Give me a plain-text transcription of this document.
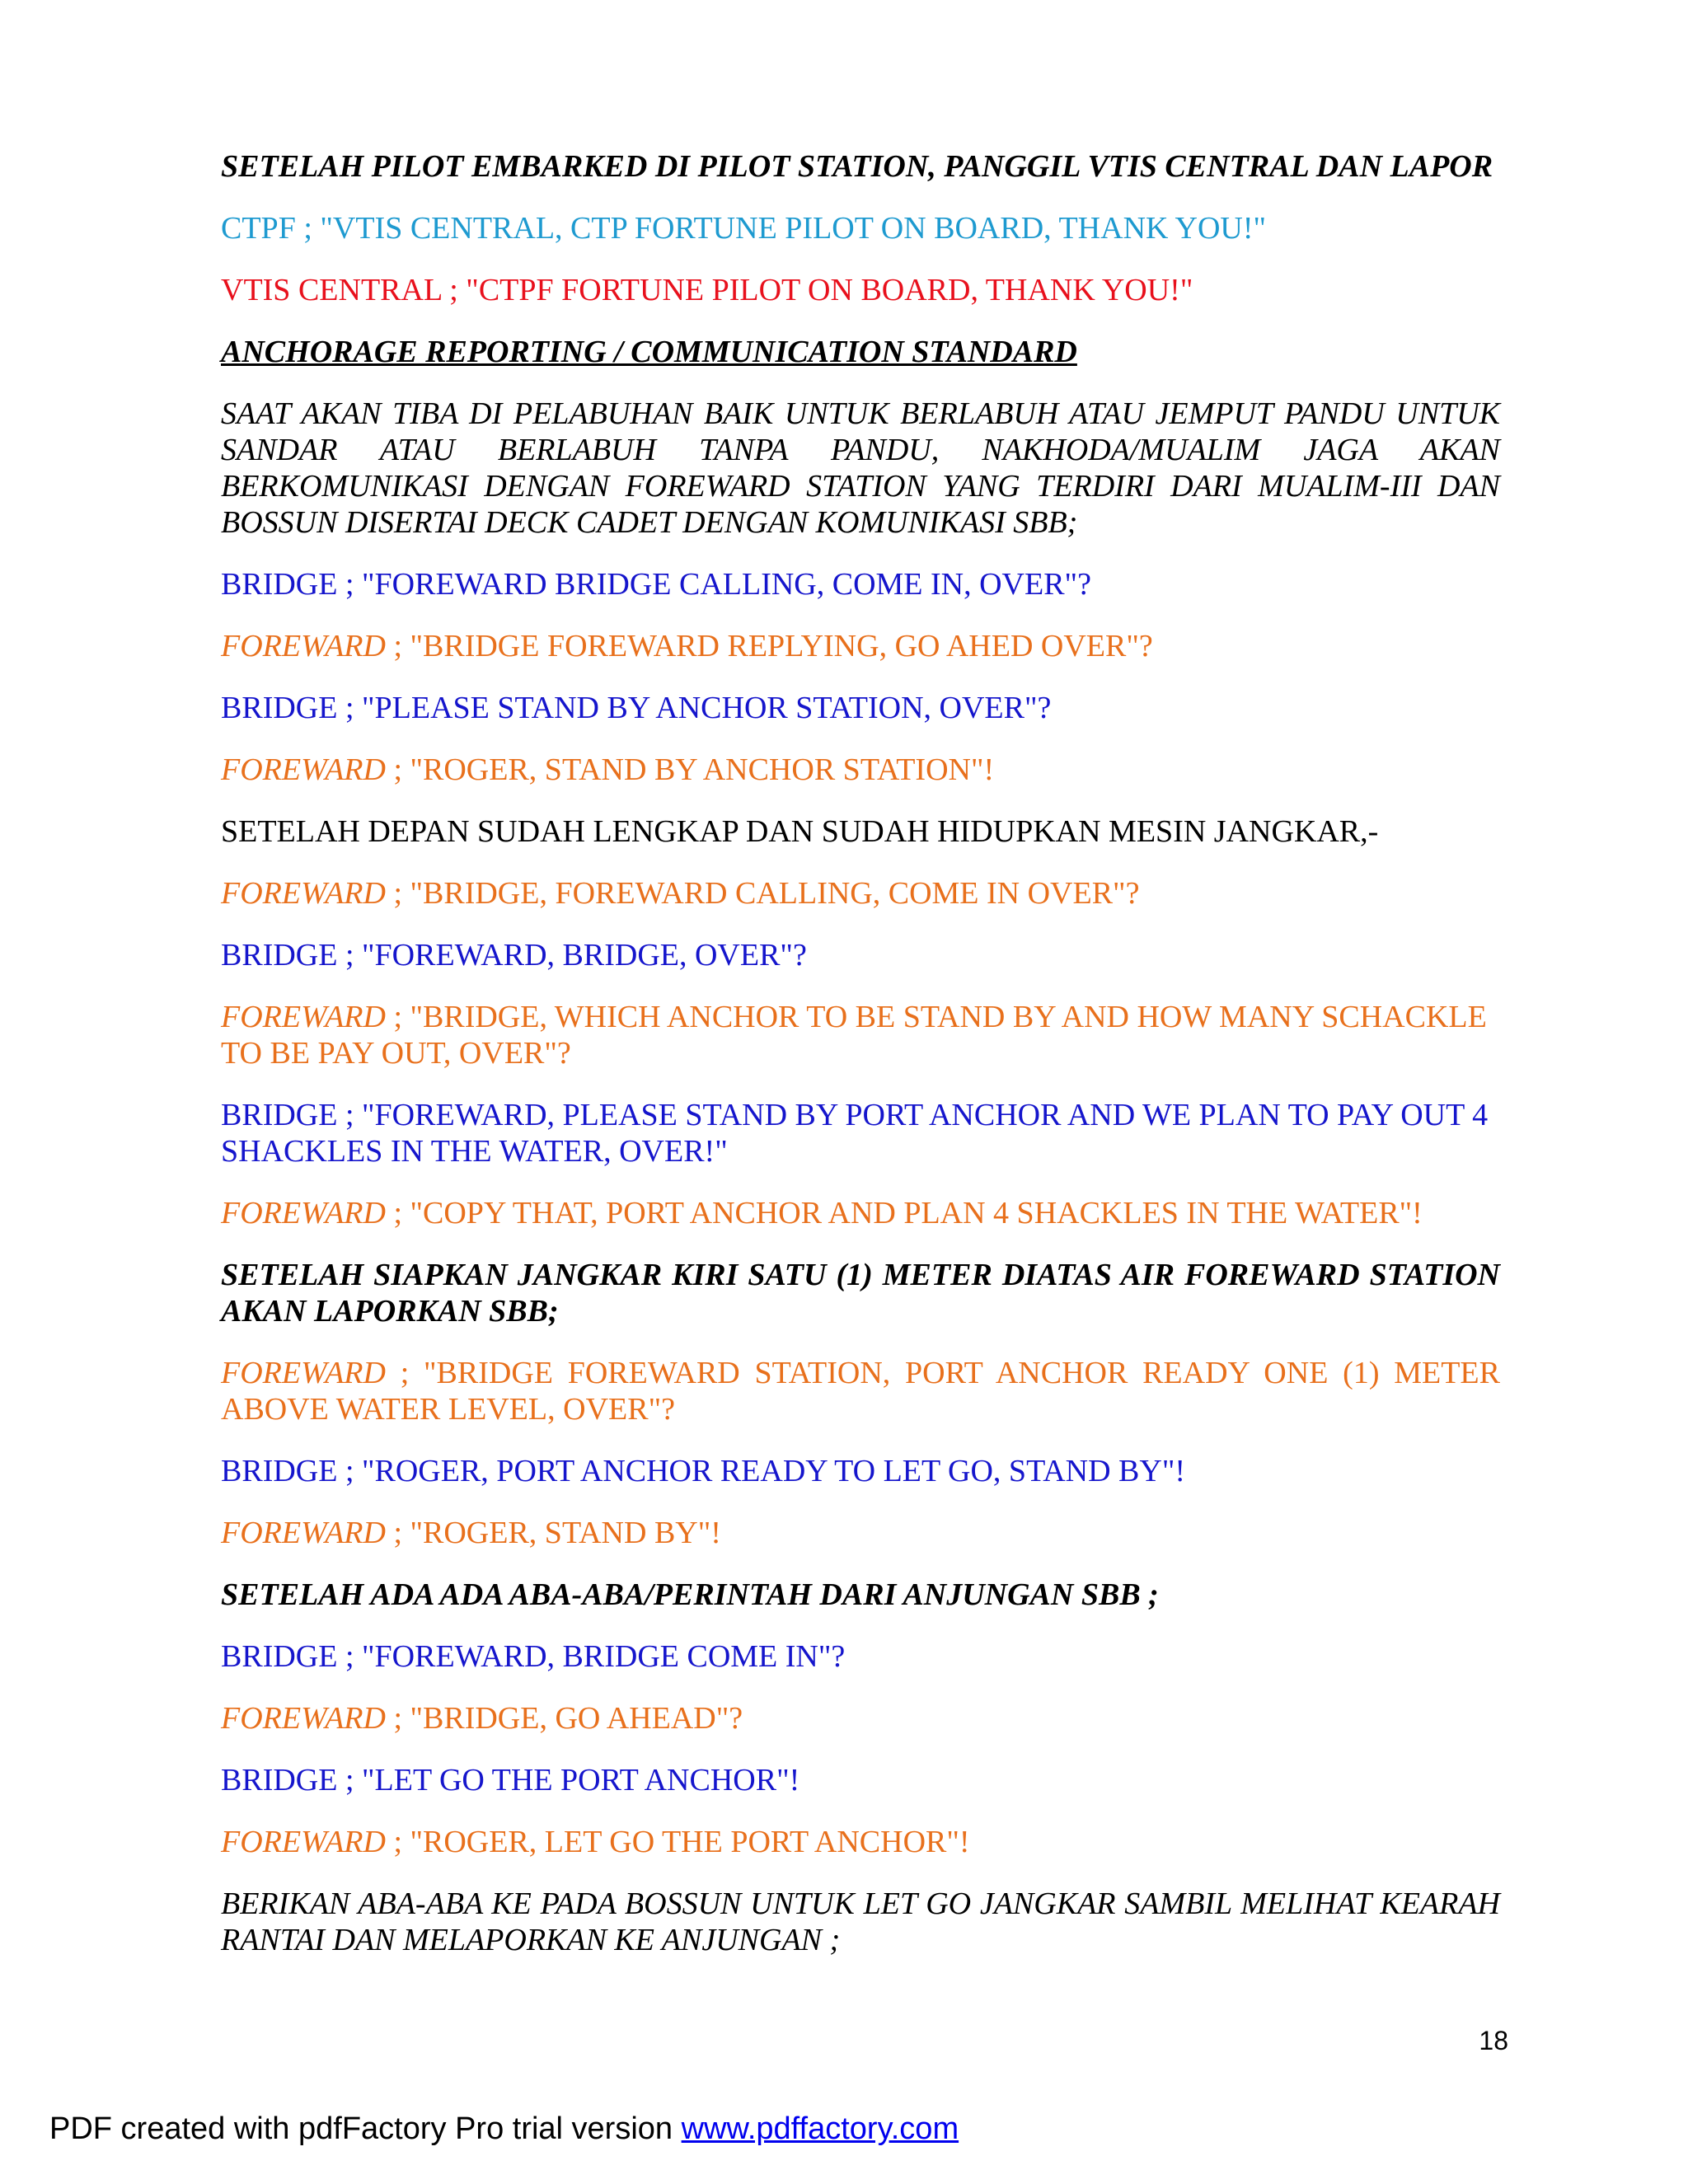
SETELAH PILOT EMBARKED DI PILOT STATION, PANGGIL VTIS CENTRAL DAN LAPOR

CTPF ; "VTIS CENTRAL, CTP FORTUNE PILOT ON BOARD, THANK YOU!"

VTIS CENTRAL ; "CTPF FORTUNE PILOT ON BOARD, THANK YOU!"

ANCHORAGE REPORTING / COMMUNICATION STANDARD

SAAT AKAN TIBA DI PELABUHAN BAIK UNTUK BERLABUH ATAU JEMPUT PANDU UNTUK SANDAR ATAU BERLABUH TANPA PANDU, NAKHODA/MUALIM JAGA AKAN BERKOMUNIKASI DENGAN FOREWARD STATION YANG TERDIRI DARI MUALIM-III DAN BOSSUN DISERTAI DECK CADET DENGAN KOMUNIKASI SBB;

BRIDGE ; "FOREWARD BRIDGE CALLING, COME IN, OVER"?

FOREWARD ; "BRIDGE FOREWARD REPLYING, GO AHED OVER"?

BRIDGE ; "PLEASE STAND BY ANCHOR STATION, OVER"?

FOREWARD ; "ROGER, STAND BY ANCHOR STATION"!

SETELAH DEPAN SUDAH LENGKAP DAN SUDAH HIDUPKAN MESIN JANGKAR,-

FOREWARD ; "BRIDGE, FOREWARD CALLING, COME IN OVER"?

BRIDGE ; "FOREWARD, BRIDGE, OVER"?

FOREWARD ; "BRIDGE, WHICH ANCHOR TO BE STAND BY AND HOW MANY SCHACKLE TO BE PAY OUT, OVER"?

BRIDGE ; "FOREWARD, PLEASE STAND BY PORT ANCHOR AND WE PLAN TO PAY OUT 4 SHACKLES IN THE WATER, OVER!"

FOREWARD ; "COPY THAT, PORT ANCHOR AND PLAN 4 SHACKLES IN THE WATER"!

SETELAH SIAPKAN JANGKAR KIRI SATU (1) METER DIATAS AIR FOREWARD STATION AKAN LAPORKAN SBB;

FOREWARD ; "BRIDGE FOREWARD STATION, PORT ANCHOR READY ONE (1) METER ABOVE WATER LEVEL, OVER"?

BRIDGE ; "ROGER, PORT ANCHOR READY TO LET GO, STAND BY"!

FOREWARD ; "ROGER, STAND BY"!

SETELAH ADA ADA ABA-ABA/PERINTAH DARI ANJUNGAN SBB ;

BRIDGE ; "FOREWARD, BRIDGE COME IN"?

FOREWARD ; "BRIDGE, GO AHEAD"?

BRIDGE ; "LET GO THE PORT ANCHOR"!

FOREWARD ; "ROGER, LET GO THE PORT ANCHOR"!

BERIKAN ABA-ABA KE PADA BOSSUN UNTUK LET GO JANGKAR SAMBIL MELIHAT KEARAH RANTAI DAN MELAPORKAN KE ANJUNGAN ;

18
PDF created with pdfFactory Pro trial version www.pdffactory.com
